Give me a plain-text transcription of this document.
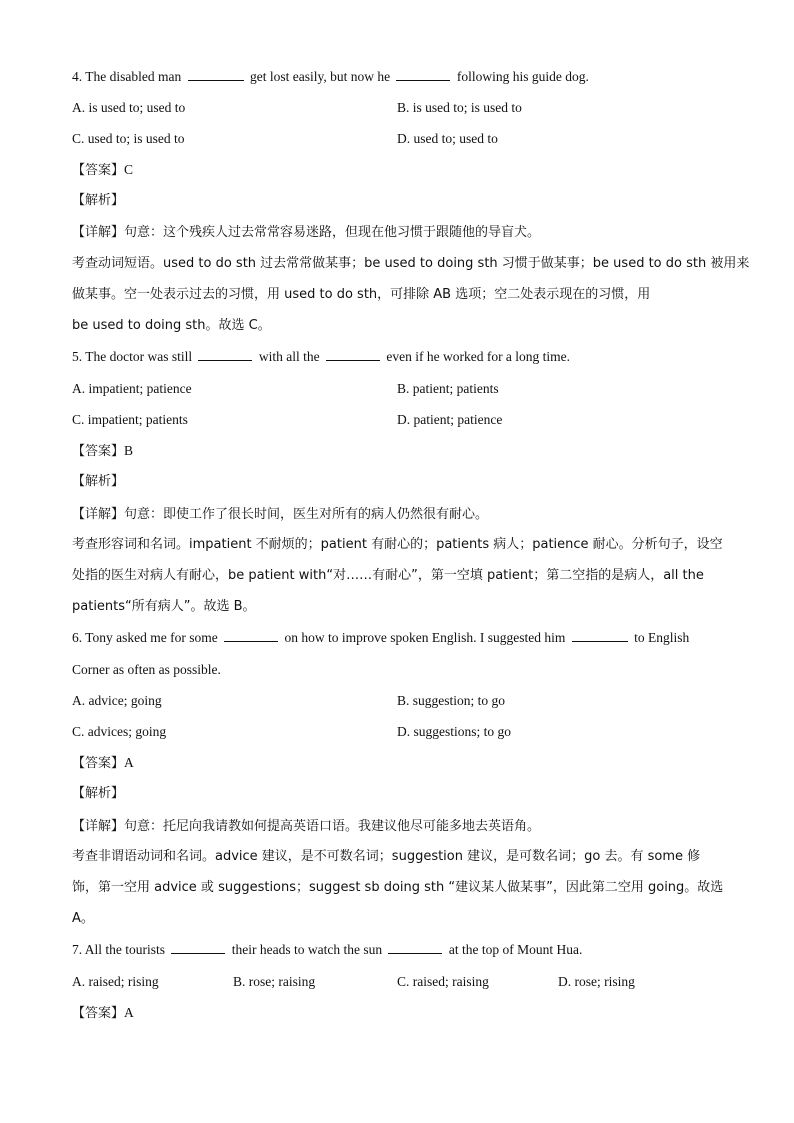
4. The disabled man	get lost easily, but now he	following his guide dog.
A. is used to; used to	B. is used to; is used to
C. used to; is used to	D. used to; used to
【答案】C
【解析】
【详解】句意：这个残疾人过去常常容易迷路，但现在他习惯于跟随他的导盲犬。
考查动词短语。used to do sth 过去常常做某事；be used to doing sth 习惯于做某事；be used to do sth 被用来
做某事。空一处表示过去的习惯，用 used to do sth，可排除 AB 选项；空二处表示现在的习惯，用
be used to doing sth。故选 C。
5. The doctor was still	with all the	even if he worked for a long time.
A. impatient; patience	B. patient; patients
C. impatient; patients	D. patient; patience
【答案】B
【解析】
【详解】句意：即使工作了很长时间，医生对所有的病人仍然很有耐心。
考查形容词和名词。impatient 不耐烦的；patient 有耐心的；patients 病人；patience 耐心。分析句子，设空
处指的医生对病人有耐心，be patient with“对……有耐心”，第一空填 patient；第二空指的是病人，all the
patients“所有病人”。故选 B。
6. Tony asked me for some	on how to improve spoken English. I suggested him	to English
Corner as often as possible.
A. advice; going	B. suggestion; to go
C. advices; going	D. suggestions; to go
【答案】A
【解析】
【详解】句意：托尼向我请教如何提高英语口语。我建议他尽可能多地去英语角。
考查非谓语动词和名词。advice 建议，是不可数名词；suggestion 建议，是可数名词；go 去。有 some 修
饰，第一空用 advice 或 suggestions；suggest sb doing sth “建议某人做某事”，因此第二空用 going。故选
A。
7. All the tourists	their heads to watch the sun	at the top of Mount Hua.
A. raised; rising	B. rose; raising	C. raised; raising	D. rose; rising
【答案】A
